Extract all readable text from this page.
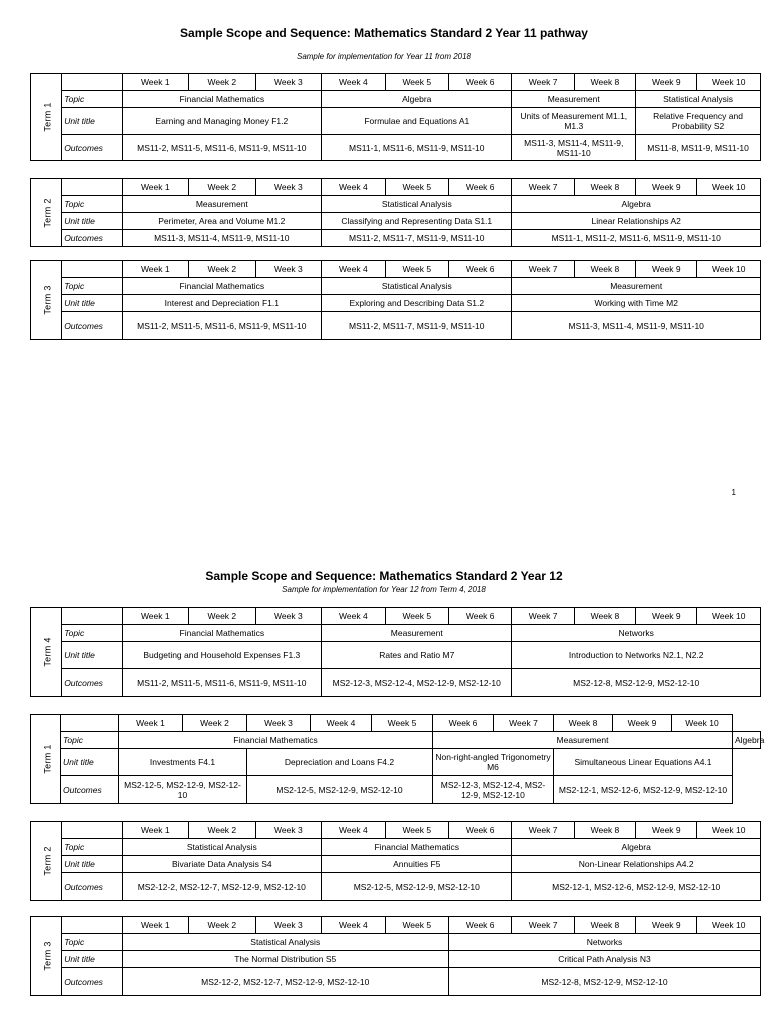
Sample Scope and Sequence: Mathematics Standard 2 Year 11 pathway
Sample for implementation for Year 11 from 2018
1
Sample Scope and Sequence: Mathematics Standard 2 Year 12
Sample for implementation for Year 12 from Term 4, 2018
Term 1		Week 1	Week 2	Week 3	Week 4	Week 5	Week 6	Week 7	Week 8	Week 9	Week 10
	Topic	Financial Mathematics			Algebra			Measurement		Statistical Analysis	
	Unit title	Earning and Managing Money F1.2			Formulae and Equations A1			Units of Measurement M1.1, M1.3		Relative Frequency and Probability S2	
	Outcomes	MS11-2, MS11-5, MS11-6, MS11-9, MS11-10			MS11-1, MS11-6, MS11-9, MS11-10			MS11-3, MS11-4, MS11-9, MS11-10		MS11-8, MS11-9, MS11-10	
Term 2		Week 1	Week 2	Week 3	Week 4	Week 5	Week 6	Week 7	Week 8	Week 9	Week 10
	Topic	Measurement			Statistical Analysis			Algebra			
	Unit title	Perimeter, Area and Volume M1.2			Classifying and Representing Data S1.1			Linear Relationships A2			
	Outcomes	MS11-3, MS11-4, MS11-9, MS11-10			MS11-2, MS11-7, MS11-9, MS11-10			MS11-1, MS11-2, MS11-6, MS11-9, MS11-10			
Term 3		Week 1	Week 2	Week 3	Week 4	Week 5	Week 6	Week 7	Week 8	Week 9	Week 10
	Topic	Financial Mathematics			Statistical Analysis			Measurement			
	Unit title	Interest and Depreciation F1.1			Exploring and Describing Data S1.2			Working with Time M2			
	Outcomes	MS11-2, MS11-5, MS11-6, MS11-9, MS11-10			MS11-2, MS11-7, MS11-9, MS11-10			MS11-3, MS11-4, MS11-9, MS11-10			
Term 4		Week 1	Week 2	Week 3	Week 4	Week 5	Week 6	Week 7	Week 8	Week 9	Week 10
	Topic	Financial Mathematics			Measurement			Networks			
	Unit title	Budgeting and Household Expenses F1.3			Rates and Ratio M7			Introduction to Networks N2.1, N2.2			
	Outcomes	MS11-2, MS11-5, MS11-6, MS11-9, MS11-10			MS2-12-3, MS2-12-4, MS2-12-9, MS2-12-10			MS2-12-8, MS2-12-9, MS2-12-10			
Term 1		Week 1	Week 2	Week 3	Week 4	Week 5	Week 6	Week 7	Week 8	Week 9	Week 10	
	Topic	Financial Mathematics					Measurement					Algebra
	Unit title	Investments F4.1		Depreciation and Loans F4.2			Non-right-angled Trigonometry M6		Simultaneous Linear Equations A4.1			
	Outcomes	MS2-12-5, MS2-12-9, MS2-12-10		MS2-12-5, MS2-12-9, MS2-12-10			MS2-12-3, MS2-12-4, MS2-12-9, MS2-12-10		MS2-12-1, MS2-12-6, MS2-12-9, MS2-12-10			
Term 2		Week 1	Week 2	Week 3	Week 4	Week 5	Week 6	Week 7	Week 8	Week 9	Week 10
	Topic	Statistical Analysis			Financial Mathematics			Algebra			
	Unit title	Bivariate Data Analysis S4			Annuities F5			Non-Linear Relationships A4.2			
	Outcomes	MS2-12-2, MS2-12-7, MS2-12-9, MS2-12-10			MS2-12-5, MS2-12-9, MS2-12-10			MS2-12-1, MS2-12-6, MS2-12-9, MS2-12-10			
Term 3		Week 1	Week 2	Week 3	Week 4	Week 5	Week 6	Week 7	Week 8	Week 9	Week 10
	Topic	Statistical Analysis					Networks				
	Unit title	The Normal Distribution S5					Critical Path Analysis N3				
	Outcomes	MS2-12-2, MS2-12-7, MS2-12-9, MS2-12-10					MS2-12-8, MS2-12-9, MS2-12-10				
